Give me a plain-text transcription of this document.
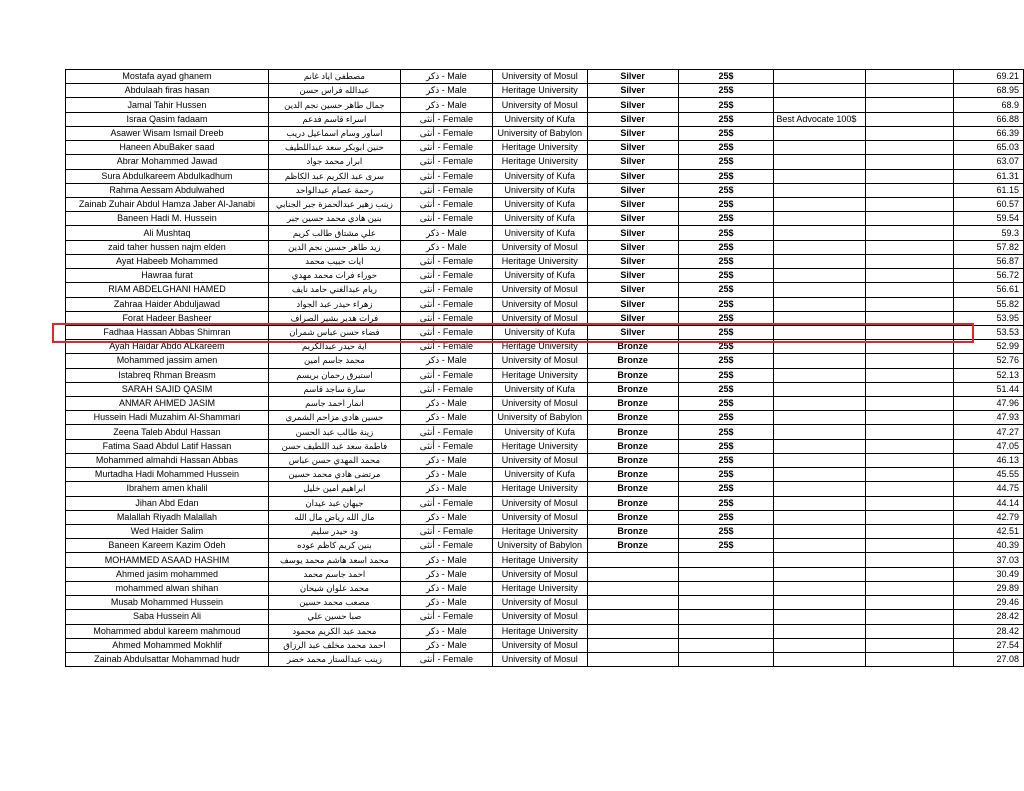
Mostafa ayad ghanem	مصطفى اياد غانم	ذكر - Male	University of Mosul	Silver	25$			69.21
Abdulaah firas hasan	عبدالله فراس حسن	ذكر - Male	Heritage University	Silver	25$			68.95
Jamal Tahir Hussen	جمال طاهر حسين نجم الدين	ذكر - Male	University of Mosul	Silver	25$			68.9
Israa Qasim fadaam	اسراء قاسم فدعم	أنثى - Female	University of Kufa	Silver	25$	Best Advocate 100$		66.88
Asawer Wisam Ismail Dreeb	اساور وسام اسماعيل دريب	أنثى - Female	University of Babylon	Silver	25$			66.39
Haneen AbuBaker saad	حنين ابوبكر سعد عبداللطيف	أنثى - Female	Heritage University	Silver	25$			65.03
Abrar Mohammed Jawad	ابرار محمد جواد	أنثى - Female	Heritage University	Silver	25$			63.07
Sura Abdulkareem Abdulkadhum	سرى عبد الكريم عبد الكاظم	أنثى - Female	University of Kufa	Silver	25$			61.31
Rahma Aessam Abdulwahed	رحمة عصام عبدالواحد	أنثى - Female	University of Kufa	Silver	25$			61.15
Zainab Zuhair Abdul Hamza Jaber Al-Janabi	زينب زهير عبدالحمزة جبر الجنابي	أنثى - Female	University of Kufa	Silver	25$			60.57
Baneen Hadi M. Hussein	بنين هادي محمد حسين جبر	أنثى - Female	University of Kufa	Silver	25$			59.54
Ali Mushtaq	علي مشتاق طالب كريم	ذكر - Male	University of Kufa	Silver	25$			59.3
zaid taher hussen najm elden	زيد طاهر حسين نجم الدين	ذكر - Male	University of Mosul	Silver	25$			57.82
Ayat Habeeb Mohammed	ايات حبيب محمد	أنثى - Female	Heritage University	Silver	25$			56.87
Hawraa furat	حوراء فرات محمد مهدي	أنثى - Female	University of Kufa	Silver	25$			56.72
RIAM ABDELGHANI HAMED	ريام عبدالغني حامد نايف	أنثى - Female	University of Mosul	Silver	25$			56.61
Zahraa Haider Abduljawad	زهراء حيدر عبد الجواد	أنثى - Female	University of Mosul	Silver	25$			55.82
Forat Hadeer Basheer	فرات هدير بشير الصراف	أنثى - Female	University of Mosul	Silver	25$			53.95
Fadhaa Hassan Abbas Shimran	فضاء حسن عباس شمران	أنثى - Female	University of Kufa	Silver	25$			53.53
Ayah Haidar Abdo ALkareem	آية حيدر عبدالكريم	أنثى - Female	Heritage University	Bronze	25$			52.99
Mohammed jassim amen	محمد جاسم امين	ذكر - Male	University of Mosul	Bronze	25$			52.76
Istabreq Rhman Breasm	استبرق رحمان بريسم	أنثى - Female	Heritage University	Bronze	25$			52.13
SARAH SAJID QASIM	سارة ساجد قاسم	أنثى - Female	University of Kufa	Bronze	25$			51.44
ANMAR AHMED JASIM	انمار احمد جاسم	ذكر - Male	University of Mosul	Bronze	25$			47.96
Hussein Hadi Muzahim Al-Shammari	حسين هادي مزاحم الشمري	ذكر - Male	University of Babylon	Bronze	25$			47.93
Zeena Taleb Abdul Hassan	زينة طالب عبد الحسن	أنثى - Female	University of Kufa	Bronze	25$			47.27
Fatima Saad Abdul Latif Hassan	فاطمة سعد عبد اللطيف حسن	أنثى - Female	Heritage University	Bronze	25$			47.05
Mohammed almahdi Hassan Abbas	محمد المهدي حسن عباس	ذكر - Male	University of Mosul	Bronze	25$			46.13
Murtadha Hadi Mohammed Hussein	مرتضى هادي محمد حسين	ذكر - Male	University of Kufa	Bronze	25$			45.55
Ibrahem amen khalil	ابراهيم امين خليل	ذكر - Male	Heritage University	Bronze	25$			44.75
Jihan Abd Edan	جيهان عبد عيدان	أنثى - Female	University of Mosul	Bronze	25$			44.14
Malallah Riyadh Malallah	مال الله رياض مال الله	ذكر - Male	University of Mosul	Bronze	25$			42.79
Wed Haider Salim	ود حيدر سليم	أنثى - Female	Heritage University	Bronze	25$			42.51
Baneen Kareem Kazim Odeh	بنين كريم كاظم عوده	أنثى - Female	University of Babylon	Bronze	25$			40.39
MOHAMMED ASAAD HASHIM	محمد اسعد هاشم محمد يوسف	ذكر - Male	Heritage University					37.03
Ahmed jasim mohammed	احمد جاسم محمد	ذكر - Male	University of Mosul					30.49
mohammed alwan shihan	محمد علوان شيحان	ذكر - Male	Heritage University					29.89
Musab Mohammed Hussein	مصعب محمد حسين	ذكر - Male	University of Mosul					29.46
Saba Hussein Ali	صبا حسين علي	أنثى - Female	University of Mosul					28.42
Mohammed abdul kareem mahmoud	محمد عبد الكريم محمود	ذكر - Male	Heritage University					28.42
Ahmed Mohammed Mokhlif	احمد محمد مخلف عبد الرزاق	ذكر - Male	University of Mosul					27.54
Zainab Abdulsattar Mohammad hudr	زينب عبدالستار محمد خضر	أنثى - Female	University of Mosul					27.08
